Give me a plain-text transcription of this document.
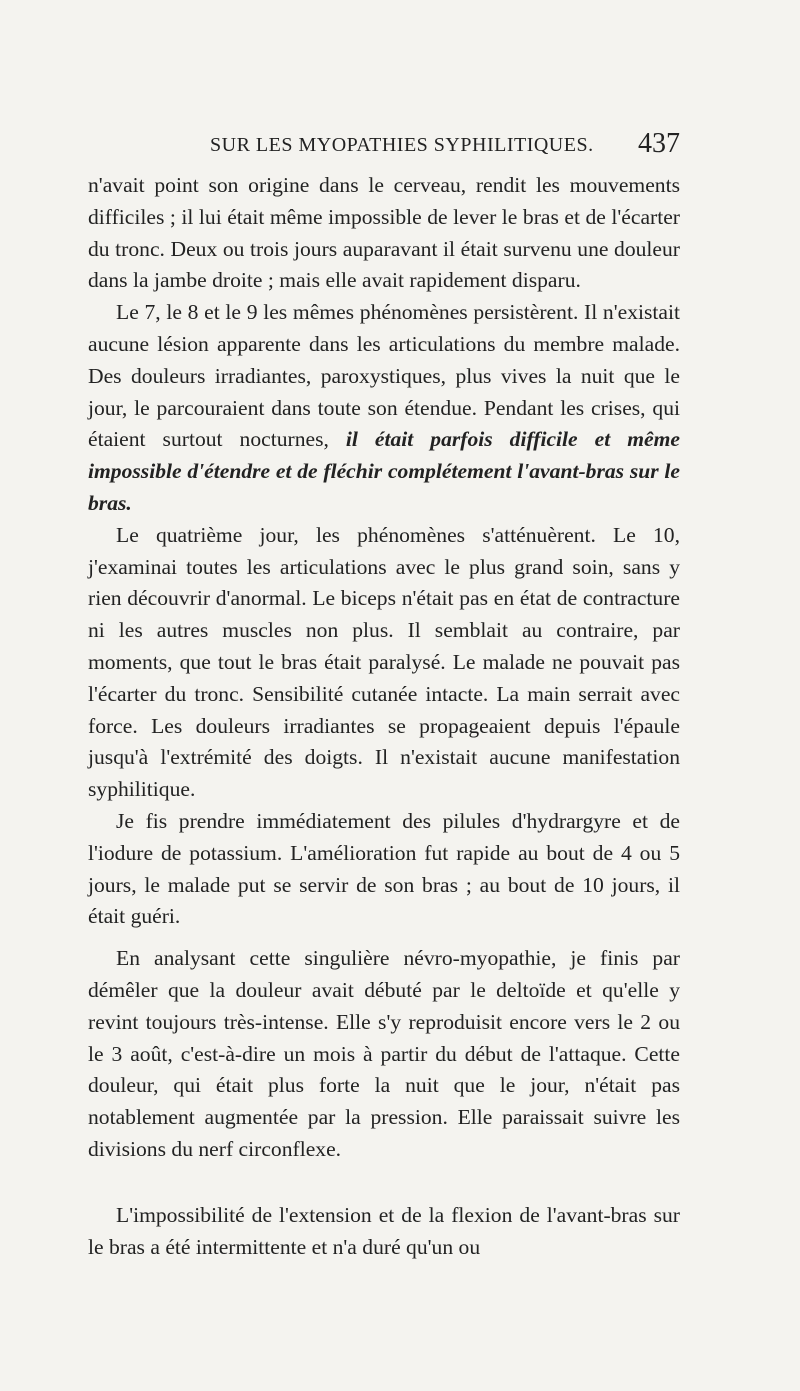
SUR LES MYOPATHIES SYPHILITIQUES. 437

n'avait point son origine dans le cerveau, rendit les mouvements difficiles ; il lui était même impossible de lever le bras et de l'écarter du tronc. Deux ou trois jours auparavant il était survenu une douleur dans la jambe droite ; mais elle avait rapidement disparu.

Le 7, le 8 et le 9 les mêmes phénomènes persistèrent. Il n'existait aucune lésion apparente dans les articulations du membre malade. Des douleurs irradiantes, paroxystiques, plus vives la nuit que le jour, le parcouraient dans toute son étendue. Pendant les crises, qui étaient surtout nocturnes, il était parfois difficile et même impossible d'étendre et de fléchir complétement l'avant-bras sur le bras.

Le quatrième jour, les phénomènes s'atténuèrent. Le 10, j'examinai toutes les articulations avec le plus grand soin, sans y rien découvrir d'anormal. Le biceps n'était pas en état de contracture ni les autres muscles non plus. Il semblait au contraire, par moments, que tout le bras était paralysé. Le malade ne pouvait pas l'écarter du tronc. Sensibilité cutanée intacte. La main serrait avec force. Les douleurs irradiantes se propageaient depuis l'épaule jusqu'à l'extrémité des doigts. Il n'existait aucune manifestation syphilitique.

Je fis prendre immédiatement des pilules d'hydrargyre et de l'iodure de potassium. L'amélioration fut rapide au bout de 4 ou 5 jours, le malade put se servir de son bras ; au bout de 10 jours, il était guéri.

En analysant cette singulière névro-myopathie, je finis par démêler que la douleur avait débuté par le deltoïde et qu'elle y revint toujours très-intense. Elle s'y reproduisit encore vers le 2 ou le 3 août, c'est-à-dire un mois à partir du début de l'attaque. Cette douleur, qui était plus forte la nuit que le jour, n'était pas notablement augmentée par la pression. Elle paraissait suivre les divisions du nerf circonflexe.

L'impossibilité de l'extension et de la flexion de l'avant-bras sur le bras a été intermittente et n'a duré qu'un ou
